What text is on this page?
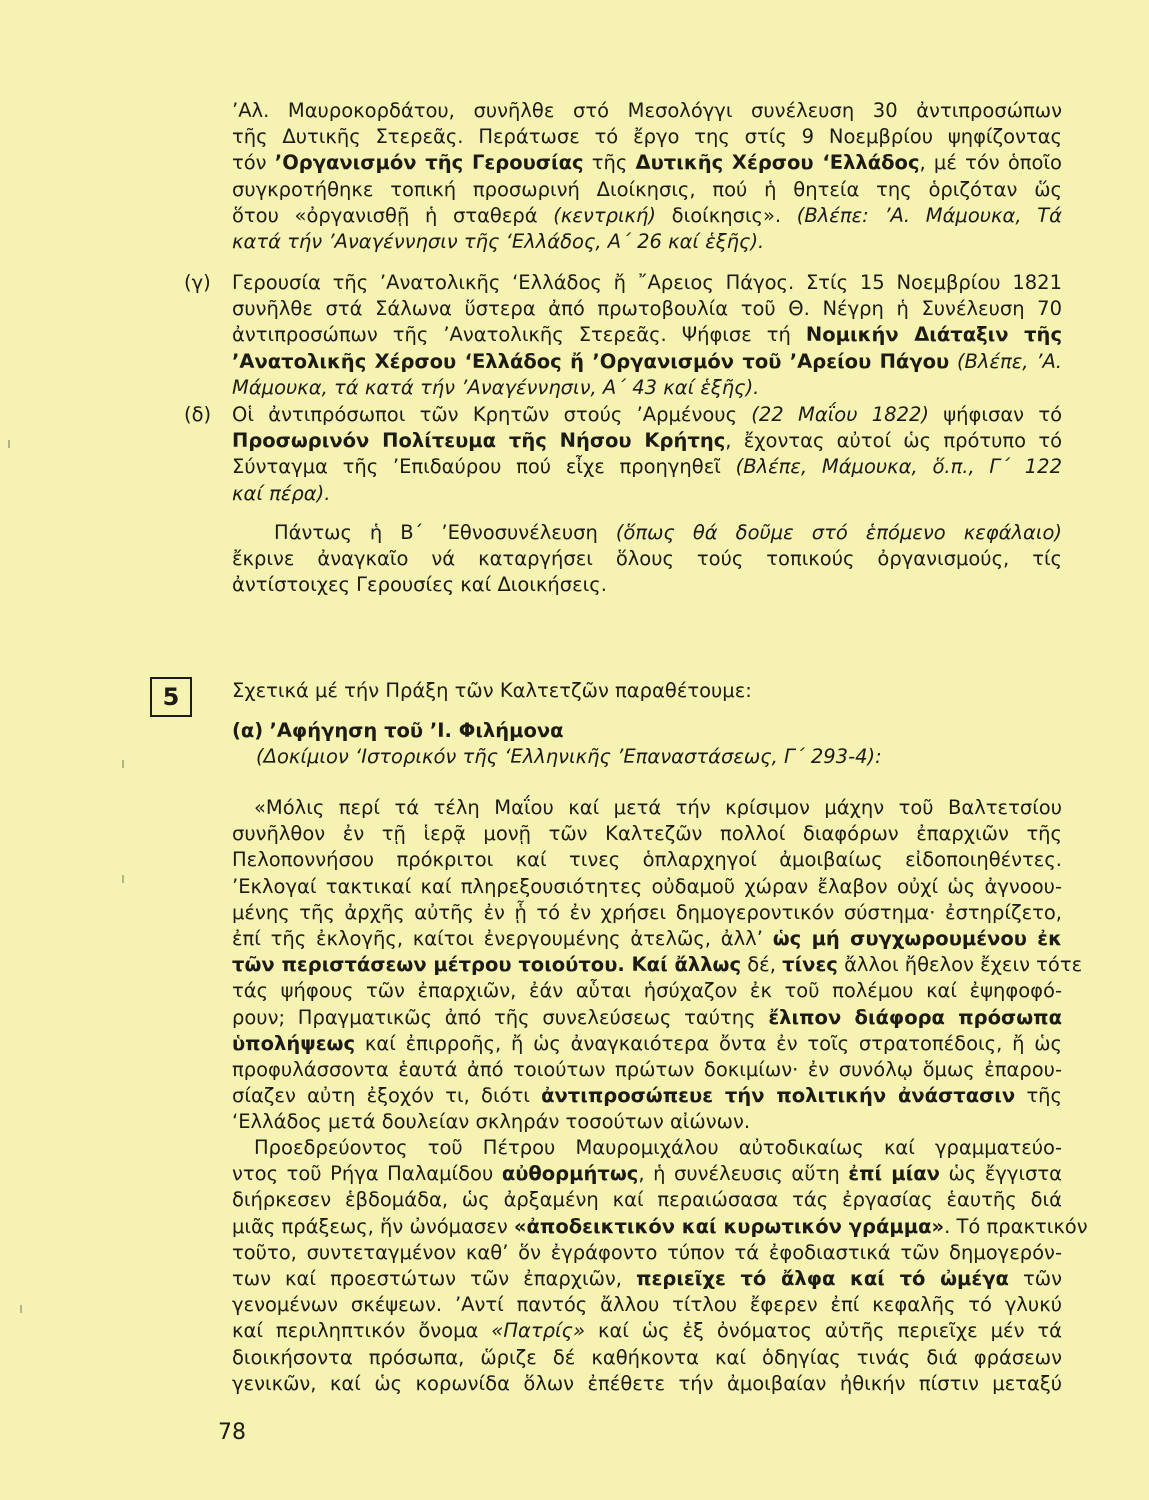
’Αλ. Μαυροκορδάτου, συνῆλθε στό Μεσολόγγι συνέλευση 30 ἀντιπροσώπων
τῆς Δυτικῆς Στερεᾶς. Περάτωσε τό ἔργο της στίς 9 Νοεμβρίου ψηφίζοντας
τόν ’Οργανισμόν τῆς Γερουσίας τῆς Δυτικῆς Χέρσου ‘Ελλάδος, μέ τόν ὁποῖο
συγκροτήθηκε τοπική προσωρινή Διοίκησις, πού ἡ θητεία της ὁριζόταν ὥς
ὅτου «ὀργανισθῇ ἡ σταθερά (κεντρική) διοίκησις». (Βλέπε: ’Α. Μάμουκα, Τά
κατά τήν ’Αναγέννησιν τῆς ‘Ελλάδος, Α΄ 26 καί ἑξῆς).
(γ) Γερουσία τῆς ’Ανατολικῆς ‘Ελλάδος ἤ ῎Αρειος Πάγος. Στίς 15 Νοεμβρίου 1821
συνῆλθε στά Σάλωνα ὕστερα ἀπό πρωτοβουλία τοῦ Θ. Νέγρη ἡ Συνέλευση 70
ἀντιπροσώπων τῆς ’Ανατολικῆς Στερεᾶς. Ψήφισε τή Νομικήν Διάταξιν τῆς
’Ανατολικῆς Χέρσου ‘Ελλάδος ἤ ’Οργανισμόν τοῦ ’Αρείου Πάγου (Βλέπε, ’Α.
Μάμουκα, τά κατά τήν ’Αναγέννησιν, Α΄ 43 καί ἑξῆς).
(δ) Οἱ ἀντιπρόσωποι τῶν Κρητῶν στούς ’Αρμένους (22 Μαΐου 1822) ψήφισαν τό
Προσωρινόν Πολίτευμα τῆς Νήσου Κρήτης, ἔχοντας αὐτοί ὡς πρότυπο τό
Σύνταγμα τῆς ’Επιδαύρου πού εἶχε προηγηθεῖ (Βλέπε, Μάμουκα, ὅ.π., Γ΄ 122
καί πέρα).
Πάντως ἡ Β΄ ’Εθνοσυνέλευση (ὅπως θά δοῦμε στό ἑπόμενο κεφάλαιο)
ἔκρινε ἀναγκαῖο νά καταργήσει ὅλους τούς τοπικούς ὀργανισμούς, τίς
ἀντίστοιχες Γερουσίες καί Διοικήσεις.
5	Σχετικά μέ τήν Πράξη τῶν Καλτετζῶν παραθέτουμε:
(α) ’Αφήγηση τοῦ ’Ι. Φιλήμονα
(Δοκίμιον ‘Ιστορικόν τῆς ‘Ελληνικῆς ’Επαναστάσεως, Γ΄ 293-4):
«Μόλις περί τά τέλη Μαΐου καί μετά τήν κρίσιμον μάχην τοῦ Βαλτετσίου
συνῆλθον ἐν τῇ ἱερᾷ μονῇ τῶν Καλτεζῶν πολλοί διαφόρων ἐπαρχιῶν τῆς
Πελοποννήσου πρόκριτοι καί τινες ὁπλαρχηγοί ἀμοιβαίως εἰδοποιηθέντες.
’Εκλογαί τακτικαί καί πληρεξουσιότητες οὐδαμοῦ χώραν ἔλαβον οὐχί ὡς ἀγνοου-
μένης τῆς ἀρχῆς αὐτῆς ἐν ᾗ τό ἐν χρήσει δημογεροντικόν σύστημα· ἐστηρίζετο,
ἐπί τῆς ἐκλογῆς, καίτοι ἐνεργουμένης ἀτελῶς, ἀλλ’ ὡς μή συγχωρουμένου ἐκ
τῶν περιστάσεων μέτρου τοιούτου. Καί ἄλλως δέ, τίνες ἄλλοι ἤθελον ἔχειν τότε
τάς ψήφους τῶν ἐπαρχιῶν, ἐάν αὗται ἡσύχαζον ἐκ τοῦ πολέμου καί ἐψηφοφό-
ρουν; Πραγματικῶς ἀπό τῆς συνελεύσεως ταύτης ἔλιπον διάφορα πρόσωπα
ὑπολήψεως καί ἐπιρροῆς, ἤ ὡς ἀναγκαιότερα ὄντα ἐν τοῖς στρατοπέδοις, ἤ ὡς
προφυλάσσοντα ἑαυτά ἀπό τοιούτων πρώτων δοκιμίων· ἐν συνόλῳ ὅμως ἐπαρου-
σίαζεν αὐτη ἐξοχόν τι, διότι ἀντιπροσώπευε τήν πολιτικήν ἀνάστασιν τῆς
‘Ελλάδος μετά δουλείαν σκληράν τοσούτων αἰώνων.
Προεδρεύοντος τοῦ Πέτρου Μαυρομιχάλου αὐτοδικαίως καί γραμματεύο-
ντος τοῦ Ρήγα Παλαμίδου αὐθορμήτως, ἡ συνέλευσις αὕτη ἐπί μίαν ὡς ἔγγιστα
διήρκεσεν ἑβδομάδα, ὡς ἀρξαμένη καί περαιώσασα τάς ἐργασίας ἑαυτῆς διά
μιᾶς πράξεως, ἥν ὠνόμασεν «ἀποδεικτικόν καί κυρωτικόν γράμμα». Τό πρακτικόν
τοῦτο, συντεταγμένον καθ’ ὅν ἐγράφοντο τύπον τά ἐφοδιαστικά τῶν δημογερόν-
των καί προεστώτων τῶν ἐπαρχιῶν, περιεῖχε τό ἄλφα καί τό ὠμέγα τῶν
γενομένων σκέψεων. ’Αντί παντός ἄλλου τίτλου ἔφερεν ἐπί κεφαλῆς τό γλυκύ
καί περιληπτικόν ὄνομα «Πατρίς» καί ὡς ἐξ ὀνόματος αὐτῆς περιεῖχε μέν τά
διοικήσοντα πρόσωπα, ὥριζε δέ καθήκοντα καί ὁδηγίας τινάς διά φράσεων
γενικῶν, καί ὡς κορωνίδα ὅλων ἐπέθετε τήν ἀμοιβαίαν ἠθικήν πίστιν μεταξύ
78
